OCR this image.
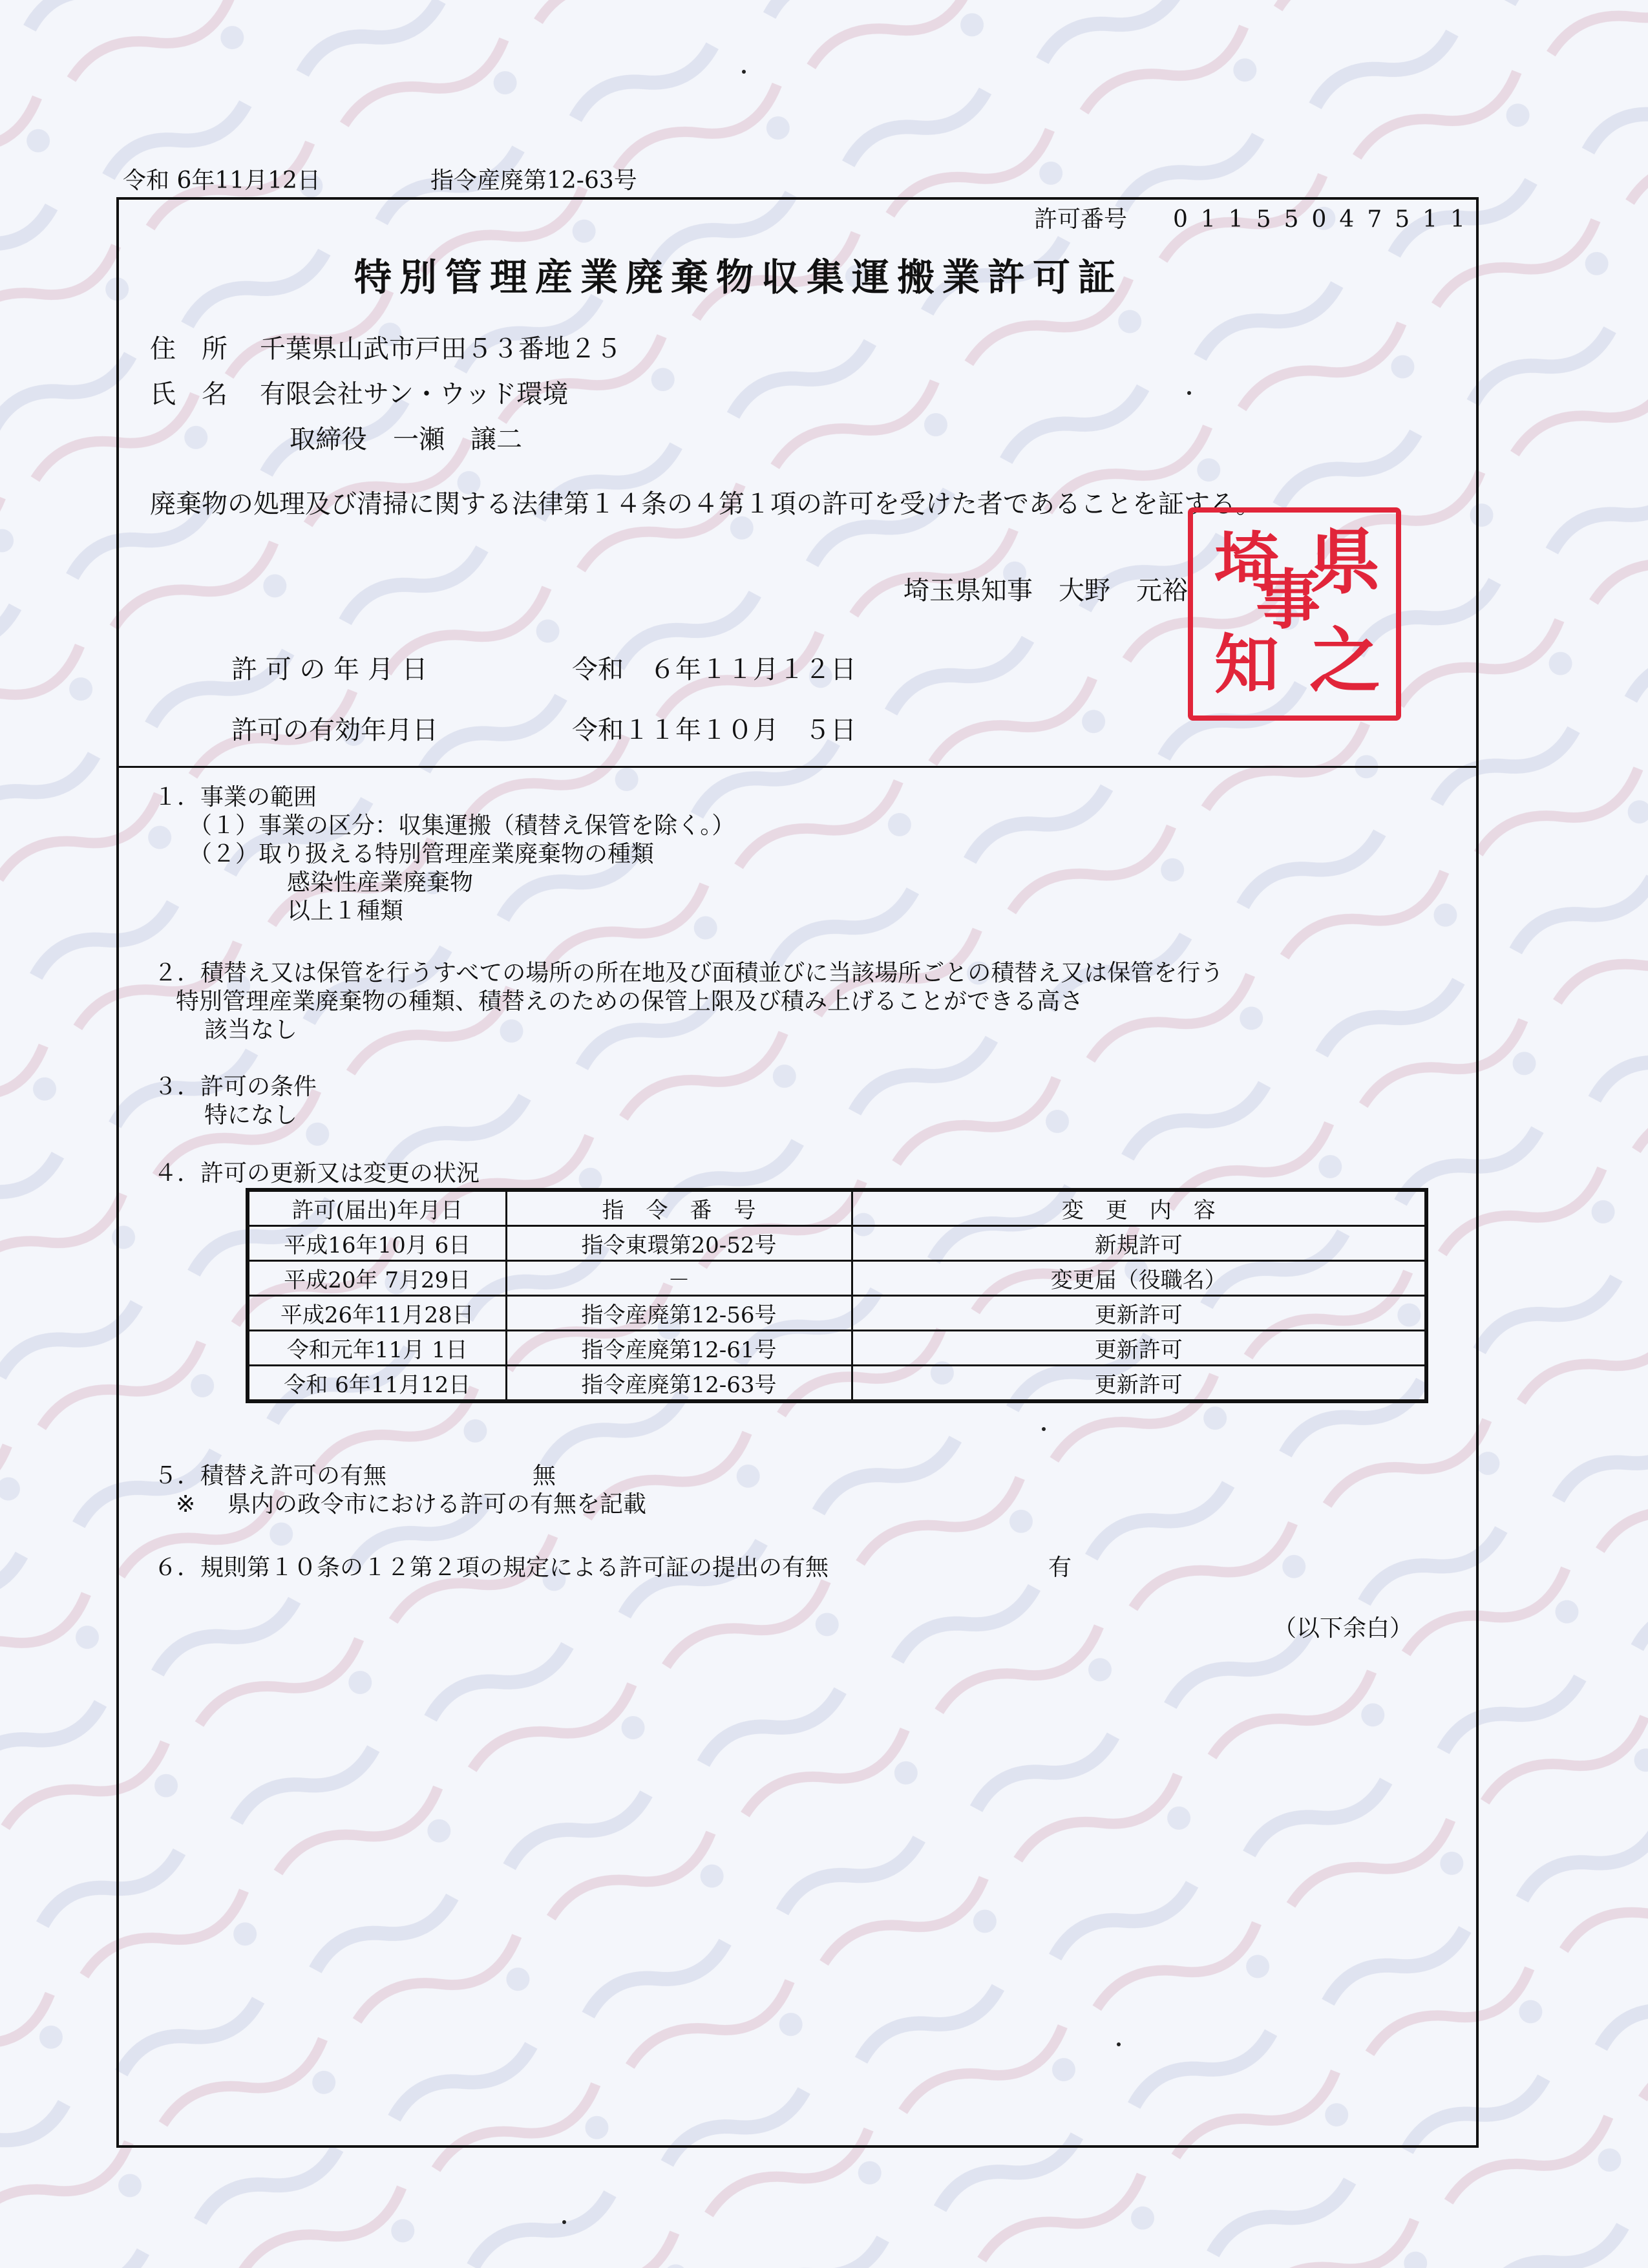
令和 6年11月12日	指令産廃第12-63号
許可番号 01155047511
特別管理産業廃棄物収集運搬業許可証
住　所 千葉県山武市戸田５３番地２５
氏　名 有限会社サン・ウッド環境
取締役　一瀬　譲二
廃棄物の処理及び清掃に関する法律第１４条の４第１項の許可を受けた者であることを証する。
埼玉県知事　大野　元裕 県
之
事
埼
知
許 可 の 年 月 日	令和　６年１１月１２日
許可の有効年月日	令和１１年１０月　５日
１．事業の範囲
（１）事業の区分：収集運搬（積替え保管を除く。）
（２）取り扱える特別管理産業廃棄物の種類
感染性産業廃棄物
以上１種類
２．積替え又は保管を行うすべての場所の所在地及び面積並びに当該場所ごとの積替え又は保管を行う
特別管理産業廃棄物の種類、積替えのための保管上限及び積み上げることができる高さ
該当なし
３．許可の条件
特になし
４．許可の更新又は変更の状況
許可(届出)年月日	指　令　番　号	変　更　内　容
平成16年10月 6日	指令東環第20-52号	新規許可
平成20年 7月29日	－	変更届（役職名）
平成26年11月28日	指令産廃第12-56号	更新許可
令和元年11月 1日	指令産廃第12-61号	更新許可
令和 6年11月12日	指令産廃第12-63号	更新許可
５．積替え許可の有無	無
※ 県内の政令市における許可の有無を記載
６．規則第１０条の１２第２項の規定による許可証の提出の有無	有
（以下余白）
